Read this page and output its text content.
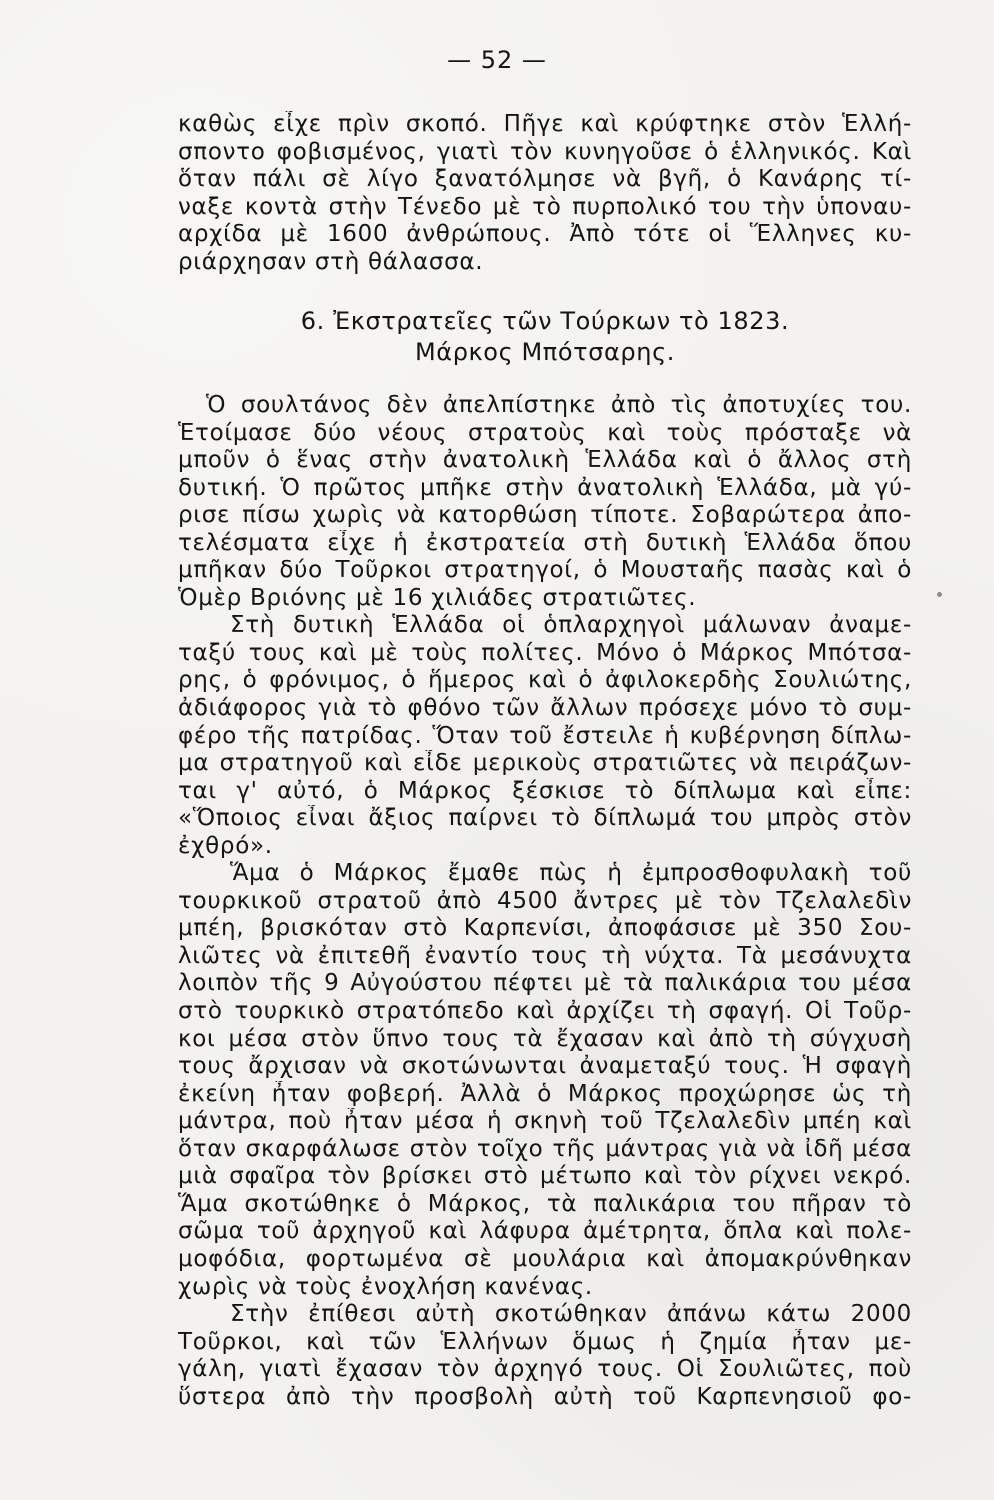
— 52 —
καθὼς εἶχε πρὶν σκοπό. Πῆγε καὶ κρύφτηκε στὸν Ἑλλή-
σποντο φοβισμένος, γιατὶ τὸν κυνηγοῦσε ὁ ἑλληνικός. Καὶ
ὅταν πάλι σὲ λίγο ξανατόλμησε νὰ βγῆ, ὁ Κανάρης τί-
ναξε κοντὰ στὴν Τένεδο μὲ τὸ πυρπολικό του τὴν ὑποναυ-
αρχίδα μὲ 1600 ἀνθρώπους. Ἀπὸ τότε οἱ Ἕλληνες κυ-
ριάρχησαν στὴ θάλασσα.
6. Ἐκστρατεῖες τῶν Τούρκων τὸ 1823.
Μάρκος Μπότσαρης.
Ὁ σουλτάνος δὲν ἀπελπίστηκε ἀπὸ τὶς ἀποτυχίες του.
Ἑτοίμασε δύο νέους στρατοὺς καὶ τοὺς πρόσταξε νὰ
μποῦν ὁ ἕνας στὴν ἀνατολικὴ Ἑλλάδα καὶ ὁ ἄλλος στὴ
δυτική. Ὁ πρῶτος μπῆκε στὴν ἀνατολικὴ Ἑλλάδα, μὰ γύ-
ρισε πίσω χωρὶς νὰ κατορθώση τίποτε. Σοβαρώτερα ἀπο-
τελέσματα εἶχε ἡ ἐκστρατεία στὴ δυτικὴ Ἑλλάδα ὅπου
μπῆκαν δύο Τοῦρκοι στρατηγοί, ὁ Μουσταῆς πασὰς καὶ ὁ
Ὁμὲρ Βριόνης μὲ 16 χιλιάδες στρατιῶτες.
Στὴ δυτικὴ Ἑλλάδα οἱ ὁπλαρχηγοὶ μάλωναν ἀναμε-
ταξύ τους καὶ μὲ τοὺς πολίτες. Μόνο ὁ Μάρκος Μπότσα-
ρης, ὁ φρόνιμος, ὁ ἥμερος καὶ ὁ ἀφιλοκερδὴς Σουλιώτης,
ἀδιάφορος γιὰ τὸ φθόνο τῶν ἄλλων πρόσεχε μόνο τὸ συμ-
φέρο τῆς πατρίδας. Ὅταν τοῦ ἔστειλε ἡ κυβέρνηση δίπλω-
μα στρατηγοῦ καὶ εἶδε μερικοὺς στρατιῶτες νὰ πειράζων-
ται γ' αὐτό, ὁ Μάρκος ξέσκισε τὸ δίπλωμα καὶ εἶπε:
«Ὅποιος εἶναι ἄξιος παίρνει τὸ δίπλωμά του μπρὸς στὸν
ἐχθρό».
Ἅμα ὁ Μάρκος ἔμαθε πὼς ἡ ἐμπροσθοφυλακὴ τοῦ
τουρκικοῦ στρατοῦ ἀπὸ 4500 ἄντρες μὲ τὸν Τζελαλεδὶν
μπέη, βρισκόταν στὸ Καρπενίσι, ἀποφάσισε μὲ 350 Σου-
λιῶτες νὰ ἐπιτεθῆ ἐναντίο τους τὴ νύχτα. Τὰ μεσάνυχτα
λοιπὸν τῆς 9 Αὐγούστου πέφτει μὲ τὰ παλικάρια του μέσα
στὸ τουρκικὸ στρατόπεδο καὶ ἀρχίζει τὴ σφαγή. Οἱ Τοῦρ-
κοι μέσα στὸν ὕπνο τους τὰ ἔχασαν καὶ ἀπὸ τὴ σύγχυσὴ
τους ἄρχισαν νὰ σκοτώνωνται ἀναμεταξύ τους. Ἡ σφαγὴ
ἐκείνη ἦταν φοβερή. Ἀλλὰ ὁ Μάρκος προχώρησε ὡς τὴ
μάντρα, ποὺ ἦταν μέσα ἡ σκηνὴ τοῦ Τζελαλεδὶν μπέη καὶ
ὅταν σκαρφάλωσε στὸν τοῖχο τῆς μάντρας γιὰ νὰ ἰδῆ μέσα
μιὰ σφαῖρα τὸν βρίσκει στὸ μέτωπο καὶ τὸν ρίχνει νεκρό.
Ἅμα σκοτώθηκε ὁ Μάρκος, τὰ παλικάρια του πῆραν τὸ
σῶμα τοῦ ἀρχηγοῦ καὶ λάφυρα ἀμέτρητα, ὅπλα καὶ πολε-
μοφόδια, φορτωμένα σὲ μουλάρια καὶ ἀπομακρύνθηκαν
χωρὶς νὰ τοὺς ἐνοχλήση κανένας.
Στὴν ἐπίθεσι αὐτὴ σκοτώθηκαν ἀπάνω κάτω 2000
Τοῦρκοι, καὶ τῶν Ἑλλήνων ὅμως ἡ ζημία ἦταν με-
γάλη, γιατὶ ἔχασαν τὸν ἀρχηγό τους. Οἱ Σουλιῶτες, ποὺ
ὕστερα ἀπὸ τὴν προσβολὴ αὐτὴ τοῦ Καρπενησιοῦ φο-
